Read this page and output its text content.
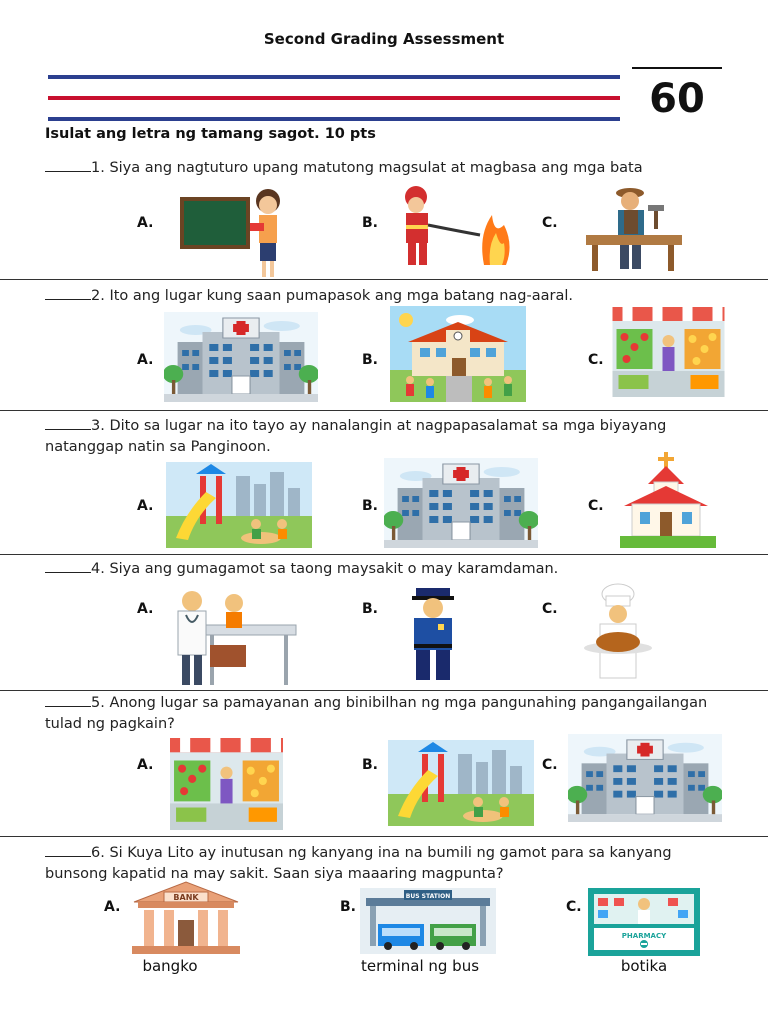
Second Grading Assessment
60
Isulat ang letra ng tamang sagot. 10 pts
1. Siya ang nagtuturo upang matutong magsulat at magbasa ang mga bata
A.	B.	C.
2. Ito ang lugar kung saan pumapasok ang mga batang nag-aaral.
A.	B.	C.
3. Dito sa lugar na ito tayo ay nanalangin at nagpapasalamat sa mga biyayang natanggap natin sa Panginoon.
A.	B.	C.
4. Siya ang gumagamot sa taong maysakit o may karamdaman.
A.	B.	C.
5. Anong lugar sa pamayanan ang binibilhan ng mga pangunahing pangangailangan tulad ng pagkain?
A.	B.	C.
6. Si Kuya Lito ay inutusan ng kanyang ina na bumili ng gamot para sa kanyang bunsong kapatid na may sakit. Saan siya maaaring magpunta?
A.
BANK
bangko
B.
BUS STATION
terminal ng bus
C.
PHARMACY
botika
